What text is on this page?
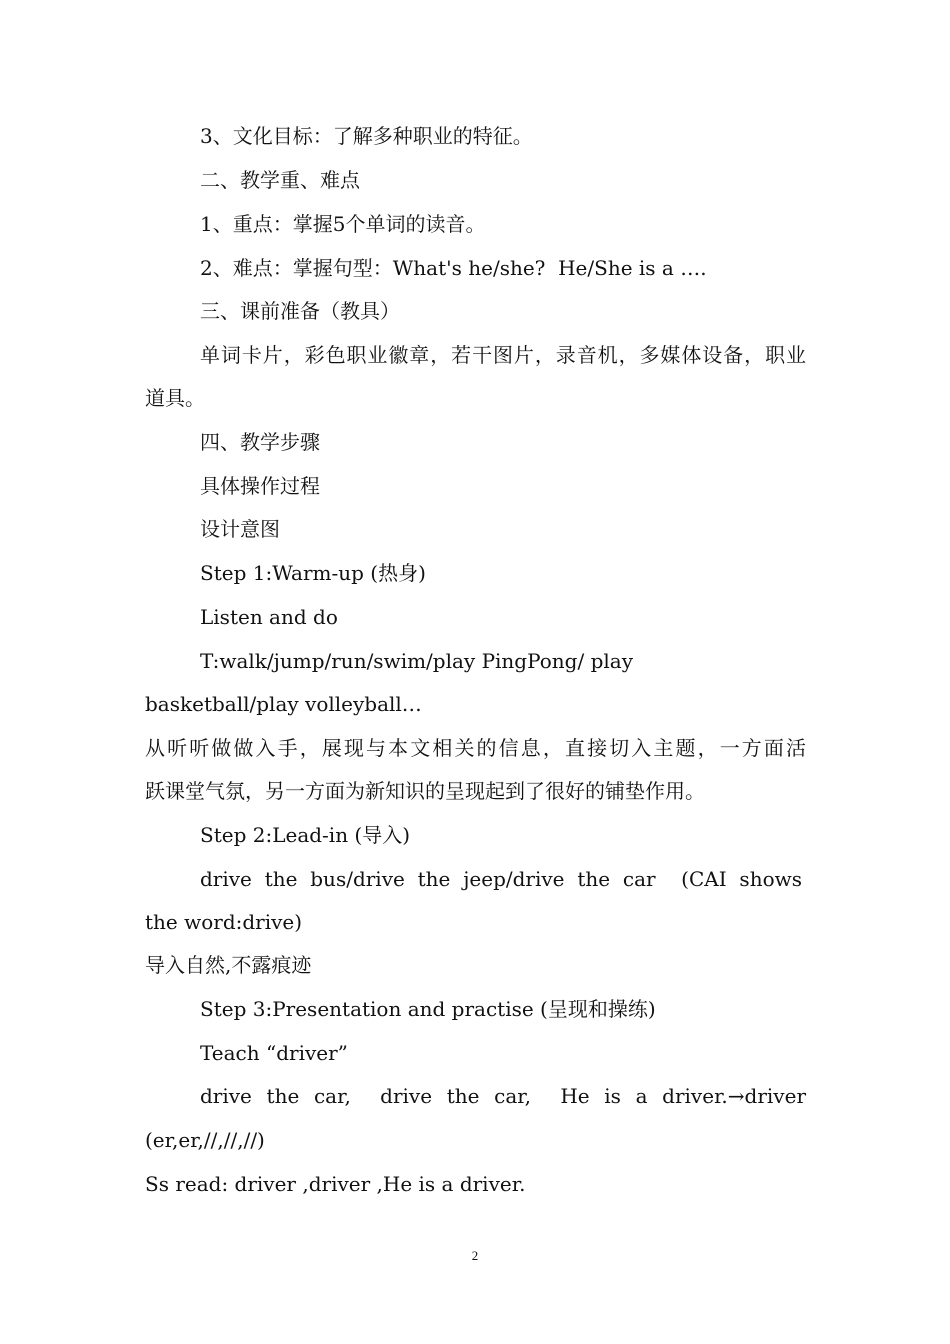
3、文化目标：了解多种职业的特征。
二、教学重、难点
1、重点：掌握5个单词的读音。
2、难点：掌握句型：What's he/she?  He/She is a ….
三、课前准备（教具）
单词卡片，彩色职业徽章，若干图片，录音机，多媒体设备，职业
道具。
四、教学步骤
具体操作过程
设计意图
Step 1:Warm-up (热身)
Listen and do
T:walk/jump/run/swim/play PingPong/ play
basketball/play volleyball…
从听听做做入手，展现与本文相关的信息，直接切入主题，一方面活
跃课堂气氛，另一方面为新知识的呈现起到了很好的铺垫作用。
Step 2:Lead-in (导入)
drive the bus/drive the jeep/drive the car  (CAI shows
the word:drive)
导入自然,不露痕迹
Step 3:Presentation and practise (呈现和操练)
Teach “driver”
drive the car,  drive the car,  He is a driver.→driver
(er,er,//,//,//)
Ss read: driver ,driver ,He is a driver.
2
